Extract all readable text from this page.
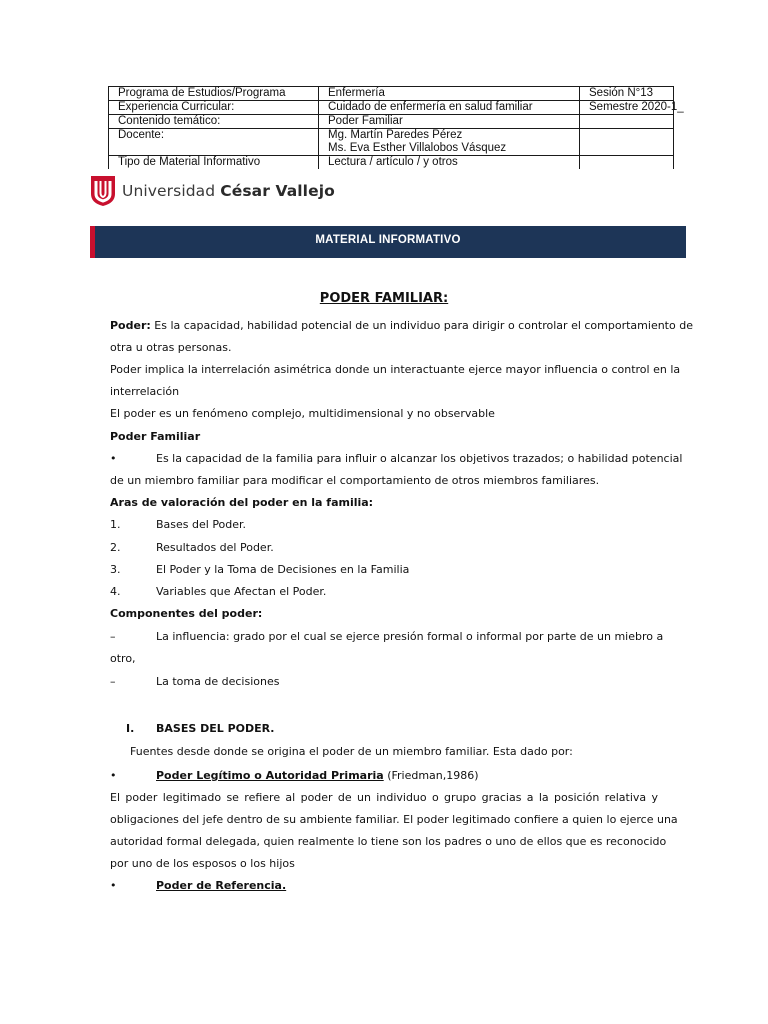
Programa de Estudios/Programa	Enfermería	Sesión N°13
Experiencia Curricular:	Cuidado de enfermería en salud familiar	Semestre 2020-1_
Contenido temático:	Poder Familiar	
Docente:	Mg. Martín Paredes Pérez
Ms. Eva Esther Villalobos Vásquez	

Tipo de Material Informativo	Lectura / artículo / y otros	
Universidad César Vallejo
MATERIAL INFORMATIVO
PODER FAMILIAR:
Poder: Es la capacidad, habilidad potencial de un individuo para dirigir o controlar el comportamiento de
otra u otras personas.
Poder implica la interrelación asimétrica donde un interactuante ejerce mayor influencia o control en la
interrelación
El poder es un fenómeno complejo, multidimensional y no observable
Poder Familiar
•	Es la capacidad de la familia para influir o alcanzar los objetivos trazados; o habilidad potencial
de un miembro familiar para modificar el comportamiento de otros miembros familiares.
Aras de valoración del poder en la familia:
1.	Bases del Poder.
2.	Resultados del Poder.
3.	El Poder y la Toma de Decisiones en la Familia
4.	Variables que Afectan el Poder.
Componentes del poder:
–	La influencia: grado por el cual se ejerce presión formal o informal por parte de un miebro a
otro,
–	La toma de decisiones
I. BASES DEL PODER.
Fuentes desde donde se origina el poder de un miembro familiar. Esta dado por:
•	Poder Legítimo o Autoridad Primaria (Friedman,1986)
El poder legitimado se refiere al poder de un individuo o grupo gracias a la posición relativa y
obligaciones del jefe dentro de su ambiente familiar. El poder legitimado confiere a quien lo ejerce una
autoridad formal delegada, quien realmente lo tiene son los padres o uno de ellos que es reconocido
por uno de los esposos o los hijos
•	Poder de Referencia.
